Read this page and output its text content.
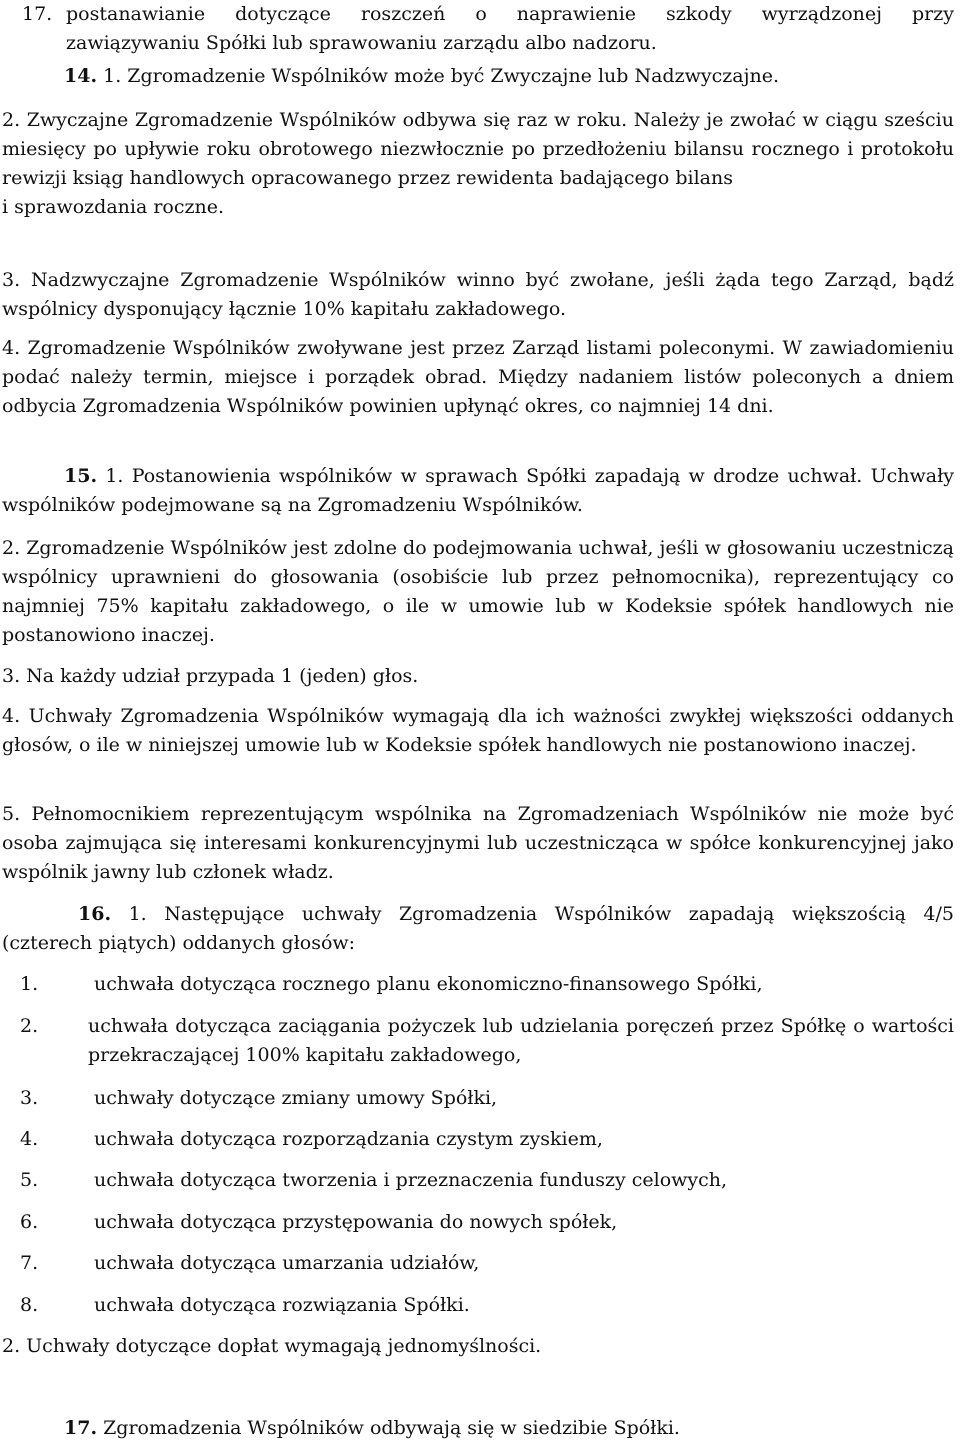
17. postanawianie dotyczące roszczeń o naprawienie szkody wyrządzonej przy
zawiązywaniu Spółki lub sprawowaniu zarządu albo nadzoru.
14. 1. Zgromadzenie Wspólników może być Zwyczajne lub Nadzwyczajne.
2. Zwyczajne Zgromadzenie Wspólników odbywa się raz w roku. Należy je zwołać w ciągu sześciu miesięcy po upływie roku obrotowego niezwłocznie po przedłożeniu bilansu rocznego i protokołu rewizji ksiąg handlowych opracowanego przez rewidenta badającego bilans
i sprawozdania roczne.
3. Nadzwyczajne Zgromadzenie Wspólników winno być zwołane, jeśli żąda tego Zarząd, bądź wspólnicy dysponujący łącznie 10% kapitału zakładowego.
4. Zgromadzenie Wspólników zwoływane jest przez Zarząd listami poleconymi. W zawiadomieniu podać należy termin, miejsce i porządek obrad. Między nadaniem listów poleconych a dniem odbycia Zgromadzenia Wspólników powinien upłynąć okres, co najmniej 14 dni.
15. 1. Postanowienia wspólników w sprawach Spółki zapadają w drodze uchwał. Uchwały wspólników podejmowane są na Zgromadzeniu Wspólników.
2. Zgromadzenie Wspólników jest zdolne do podejmowania uchwał, jeśli w głosowaniu uczestniczą wspólnicy uprawnieni do głosowania (osobiście lub przez pełnomocnika), reprezentujący co najmniej 75% kapitału zakładowego, o ile w umowie lub w Kodeksie spółek handlowych nie postanowiono inaczej.
3. Na każdy udział przypada 1 (jeden) głos.
4. Uchwały Zgromadzenia Wspólników wymagają dla ich ważności zwykłej większości oddanych głosów, o ile w niniejszej umowie lub w Kodeksie spółek handlowych nie postanowiono inaczej.
5. Pełnomocnikiem reprezentującym wspólnika na Zgromadzeniach Wspólników nie może być osoba zajmująca się interesami konkurencyjnymi lub uczestnicząca w spółce konkurencyjnej jako wspólnik jawny lub członek władz.
16. 1. Następujące uchwały Zgromadzenia Wspólników zapadają większością 4/5 (czterech piątych) oddanych głosów:
1.	uchwała dotycząca rocznego planu ekonomiczno-finansowego Spółki,
2.	uchwała dotycząca zaciągania pożyczek lub udzielania poręczeń przez Spółkę o wartości przekraczającej 100% kapitału zakładowego,
3.	uchwały dotyczące zmiany umowy Spółki,
4.	uchwała dotycząca rozporządzania czystym zyskiem,
5.	uchwała dotycząca tworzenia i przeznaczenia funduszy celowych,
6.	uchwała dotycząca przystępowania do nowych spółek,
7.	uchwała dotycząca umarzania udziałów,
8.	uchwała dotycząca rozwiązania Spółki.
2. Uchwały dotyczące dopłat wymagają jednomyślności.
17. Zgromadzenia Wspólników odbywają się w siedzibie Spółki.
